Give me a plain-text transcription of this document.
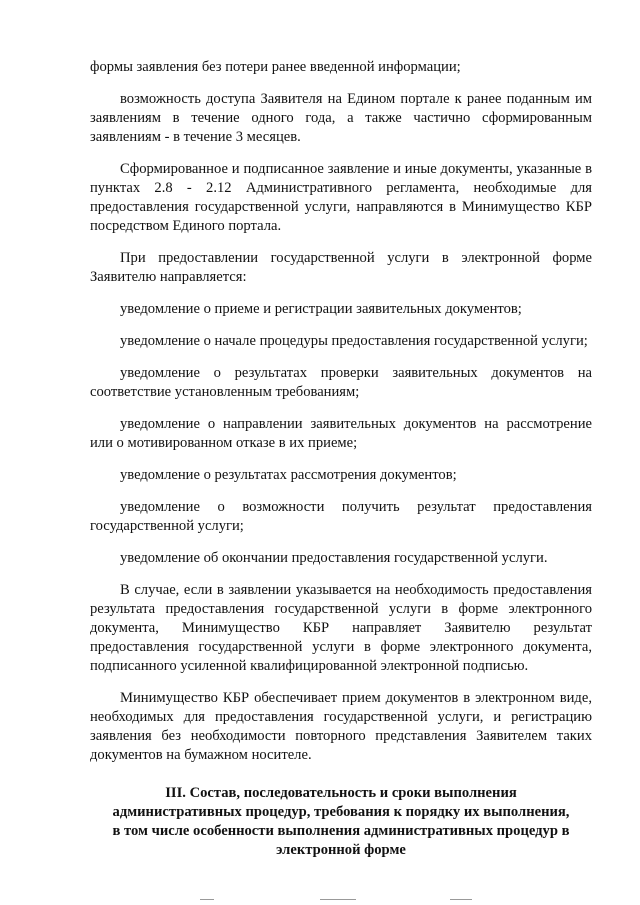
формы заявления без потери ранее введенной информации;

возможность доступа Заявителя на Едином портале к ранее поданным им заявлениям в течение одного года, а также частично сформированным заявлениям - в течение 3 месяцев.

Сформированное и подписанное заявление и иные документы, указанные в пунктах 2.8 - 2.12 Административного регламента, необходимые для предоставления государственной услуги, направляются в Минимущество КБР посредством Единого портала.

При предоставлении государственной услуги в электронной форме Заявителю направляется:

уведомление о приеме и регистрации заявительных документов;

уведомление о начале процедуры предоставления государственной услуги;

уведомление о результатах проверки заявительных документов на соответствие установленным требованиям;

уведомление о направлении заявительных документов на рассмотрение или о мотивированном отказе в их приеме;

уведомление о результатах рассмотрения документов;

уведомление о возможности получить результат предоставления государственной услуги;

уведомление об окончании предоставления государственной услуги.

В случае, если в заявлении указывается на необходимость предоставления результата предоставления государственной услуги в форме электронного документа, Минимущество КБР направляет Заявителю результат предоставления государственной услуги в форме электронного документа, подписанного усиленной квалифицированной электронной подписью.

Минимущество КБР обеспечивает прием документов в электронном виде, необходимых для предоставления государственной услуги, и регистрацию заявления без необходимости повторного представления Заявителем таких документов на бумажном носителе.

III. Состав, последовательность и сроки выполнения административных процедур, требования к порядку их выполнения, в том числе особенности выполнения административных процедур в электронной форме
